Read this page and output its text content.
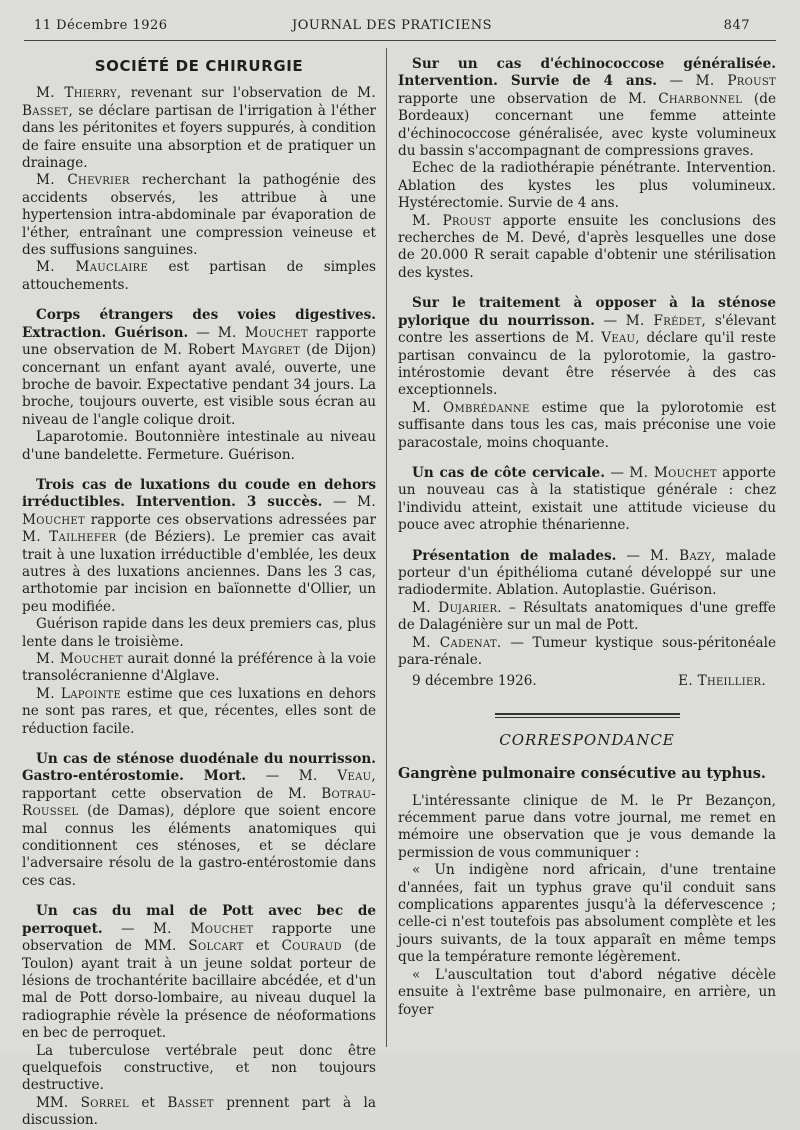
11 Décembre 1926	JOURNAL DES PRATICIENS	847
SOCIÉTÉ DE CHIRURGIE

M. Thierry, revenant sur l'observation de M. Basset, se déclare partisan de l'irrigation à l'éther dans les péritonites et foyers suppurés, à condition de faire ensuite una absorption et de pratiquer un drainage.

M. Chevrier recherchant la pathogénie des accidents observés, les attribue à une hypertension intra-abdominale par évaporation de l'éther, entraînant une compression veineuse et des suffusions sanguines.

M. Mauclaire est partisan de simples attouchements.

Corps étrangers des voies digestives. Extraction. Guérison. — M. Mouchet rapporte une observation de M. Robert Maygret (de Dijon) concernant un enfant ayant avalé, ouverte, une broche de bavoir. Expectative pendant 34 jours. La broche, toujours ouverte, est visible sous écran au niveau de l'angle colique droit.

Laparotomie. Boutonnière intestinale au niveau d'une bandelette. Fermeture. Guérison.

Trois cas de luxations du coude en dehors irréductibles. Intervention. 3 succès. — M. Mouchet rapporte ces observations adressées par M. Tailhefer (de Béziers). Le premier cas avait trait à une luxation irréductible d'emblée, les deux autres à des luxations anciennes. Dans les 3 cas, arthotomie par incision en baïonnette d'Ollier, un peu modifiée.

Guérison rapide dans les deux premiers cas, plus lente dans le troisième.

M. Mouchet aurait donné la préférence à la voie transolécranienne d'Alglave.

M. Lapointe estime que ces luxations en dehors ne sont pas rares, et que, récentes, elles sont de réduction facile.

Un cas de sténose duodénale du nourrisson. Gastro-entérostomie. Mort. — M. Veau, rapportant cette observation de M. Botrau-Roussel (de Damas), déplore que soient encore mal connus les éléments anatomiques qui conditionnent ces sténoses, et se déclare l'adversaire résolu de la gastro-entérostomie dans ces cas.

Un cas du mal de Pott avec bec de perroquet. — M. Mouchet rapporte une observation de MM. Solcart et Couraud (de Toulon) ayant trait à un jeune soldat porteur de lésions de trochantérite bacillaire abcédée, et d'un mal de Pott dorso-lombaire, au niveau duquel la radiographie révèle la présence de néoformations en bec de perroquet.

La tuberculose vertébrale peut donc être quelquefois constructive, et non toujours destructive.

MM. Sorrel et Basset prennent part à la discussion.

Sur un cas d'échinococcose généralisée. Intervention. Survie de 4 ans. — M. Proust rapporte une observation de M. Charbonnel (de Bordeaux) concernant une femme atteinte d'échinococcose généralisée, avec kyste volumineux du bassin s'accompagnant de compressions graves.

Echec de la radiothérapie pénétrante. Intervention. Ablation des kystes les plus volumineux. Hystérectomie. Survie de 4 ans.

M. Proust apporte ensuite les conclusions des recherches de M. Devé, d'après lesquelles une dose de 20.000 R serait capable d'obtenir une stérilisation des kystes.

Sur le traitement à opposer à la sténose pylorique du nourrisson. — M. Frédet, s'élevant contre les assertions de M. Veau, déclare qu'il reste partisan convaincu de la pylorotomie, la gastro-intérostomie devant être réservée à des cas exceptionnels.

M. Ombrédanne estime que la pylorotomie est suffisante dans tous les cas, mais préconise une voie paracostale, moins choquante.

Un cas de côte cervicale. — M. Mouchet apporte un nouveau cas à la statistique générale : chez l'individu atteint, existait une attitude vicieuse du pouce avec atrophie thénarienne.

Présentation de malades. — M. Bazy, malade porteur d'un épithélioma cutané développé sur une radiodermite. Ablation. Autoplastie. Guérison.

M. Dujarier. – Résultats anatomiques d'une greffe de Dalagénière sur un mal de Pott.

M. Cadenat. — Tumeur kystique sous-péritonéale para-rénale.

9 décembre 1926.	E. Theillier.
CORRESPONDANCE
Gangrène pulmonaire consécutive au typhus.

L'intéressante clinique de M. le Pr Bezançon, récemment parue dans votre journal, me remet en mémoire une observation que je vous demande la permission de vous communiquer :

« Un indigène nord africain, d'une trentaine d'années, fait un typhus grave qu'il conduit sans complications apparentes jusqu'à la défervescence ; celle-ci n'est toutefois pas absolument complète et les jours suivants, de la toux apparaît en même temps que la température remonte légèrement.

« L'auscultation tout d'abord négative décèle ensuite à l'extrême base pulmonaire, en arrière, un foyer
